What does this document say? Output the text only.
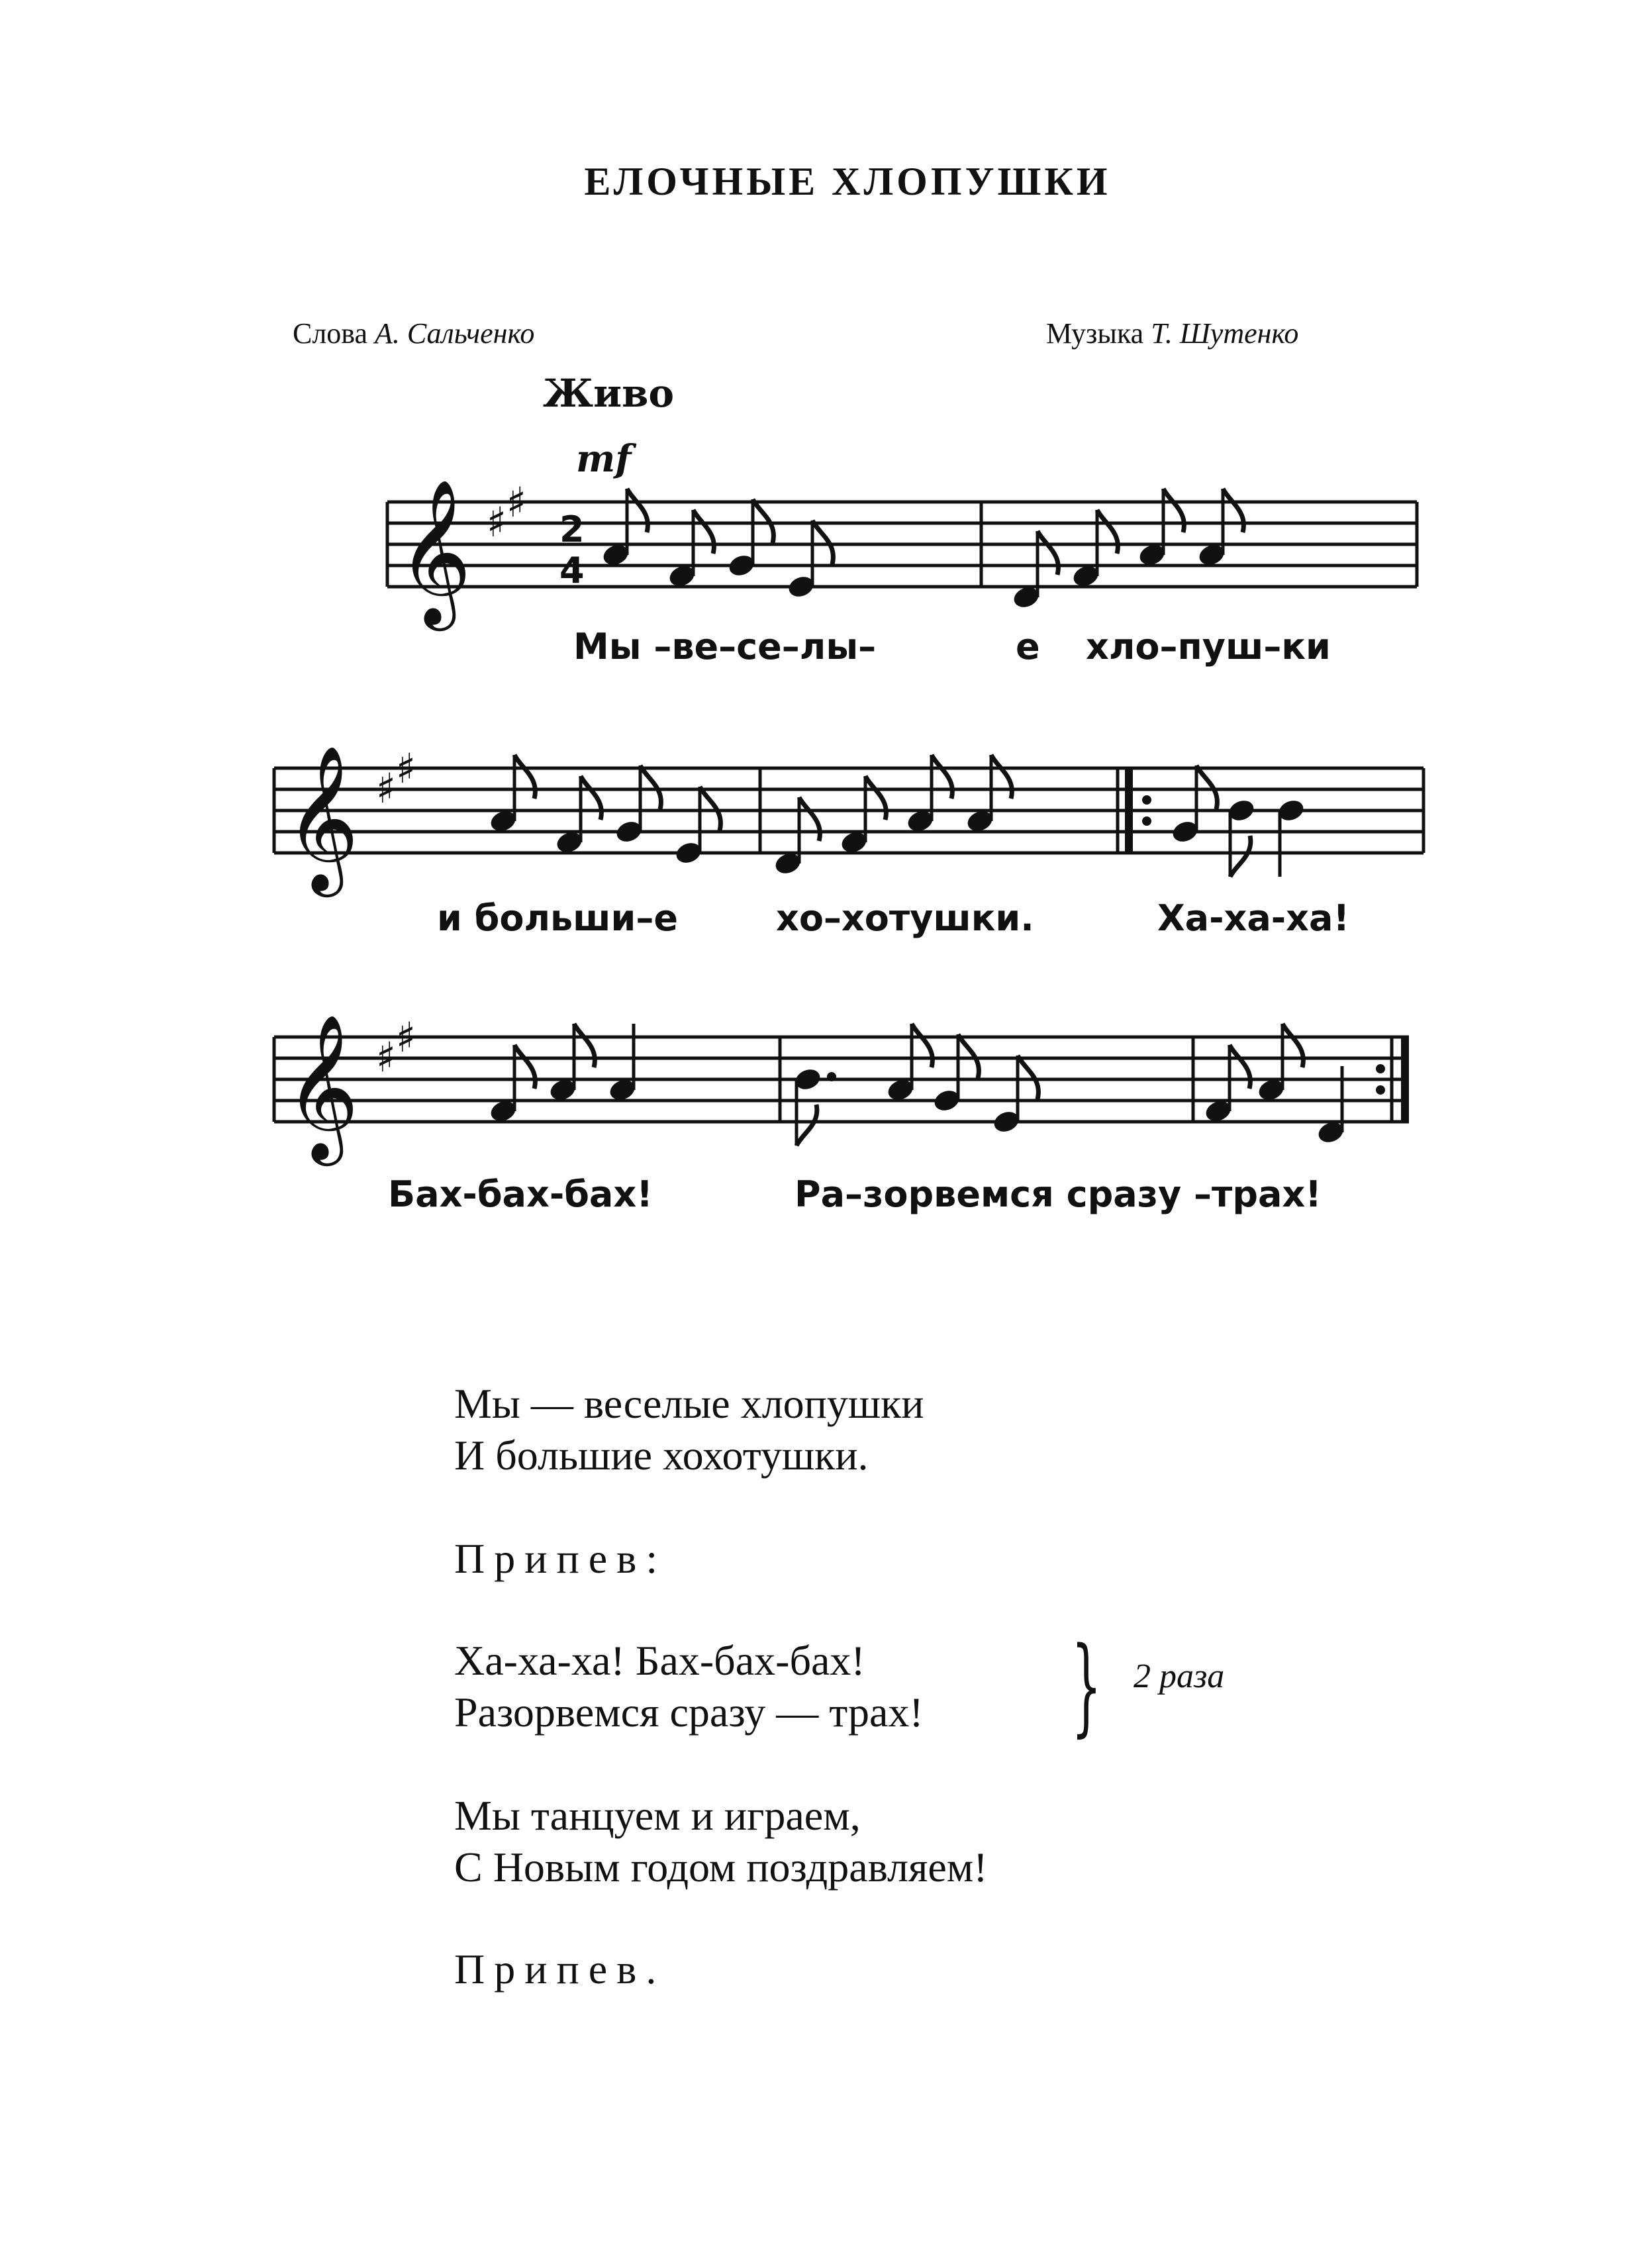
ЕЛОЧНЫЕ ХЛОПУШКИ
Слова А. Сальченко	Музыка Т. Шутенко
Живо
mf
𝄞 ♯ ♯
2
4
𝄞 ♯ ♯
𝄞 ♯ ♯
Мы –ве–се–лы–	е хло–пуш–ки
и больши–е	хо–хотушки.	Ха-ха-ха!
Бах-бах-бах!	Ра–зорвемся сразу –трах!
Мы — веселые хлопушки
И большие хохотушки.
Припев:
Ха-ха-ха! Бах-бах-бах!
Разорвемся сразу — трах! } 2 раза
Мы танцуем и играем,
С Новым годом поздравляем!
Припев.
